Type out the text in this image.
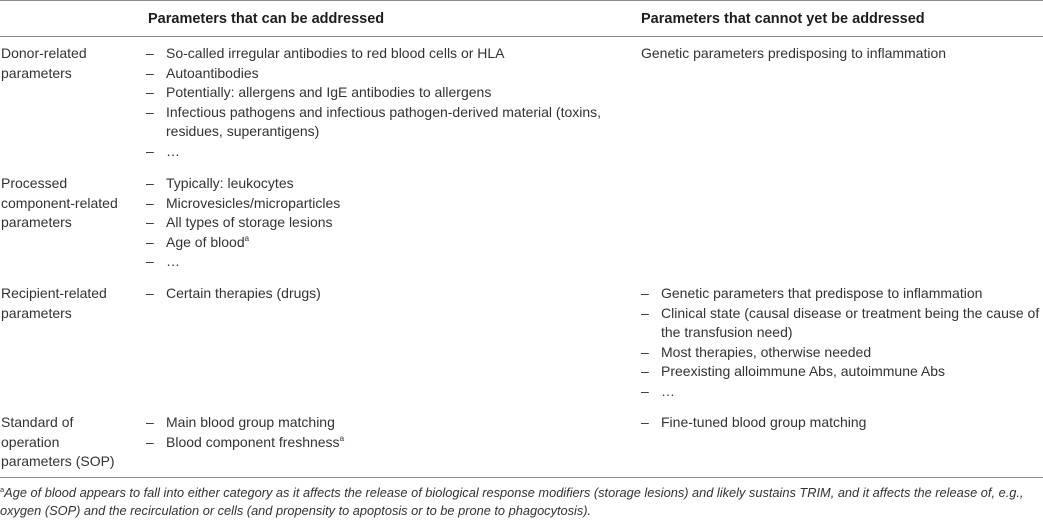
Parameters that can be addressed	Parameters that cannot yet be addressed
Donor-related parameters
– So-called irregular antibodies to red blood cells or HLA
– Autoantibodies
– Potentially: allergens and IgE antibodies to allergens
– Infectious pathogens and infectious pathogen-derived material (toxins, residues, superantigens)
– …
Genetic parameters predisposing to inflammation
Processed component-related parameters
– Typically: leukocytes
– Microvesicles/microparticles
– All types of storage lesions
– Age of blood$^a$
– …
Recipient-related parameters
– Certain therapies (drugs)	– Genetic parameters that predispose to inflammation
– Clinical state (causal disease or treatment being the cause of the transfusion need)
– Most therapies, otherwise needed
– Preexisting alloimmune Abs, autoimmune Abs
– …
Standard of operation parameters (SOP)
– Main blood group matching
– Blood component freshness$^a$
– Fine-tuned blood group matching
$^a$Age of blood appears to fall into either category as it affects the release of biological response modifiers (storage lesions) and likely sustains TRIM, and it affects the release of, e.g., oxygen (SOP) and the recirculation or cells (and propensity to apoptosis or to be prone to phagocytosis).
